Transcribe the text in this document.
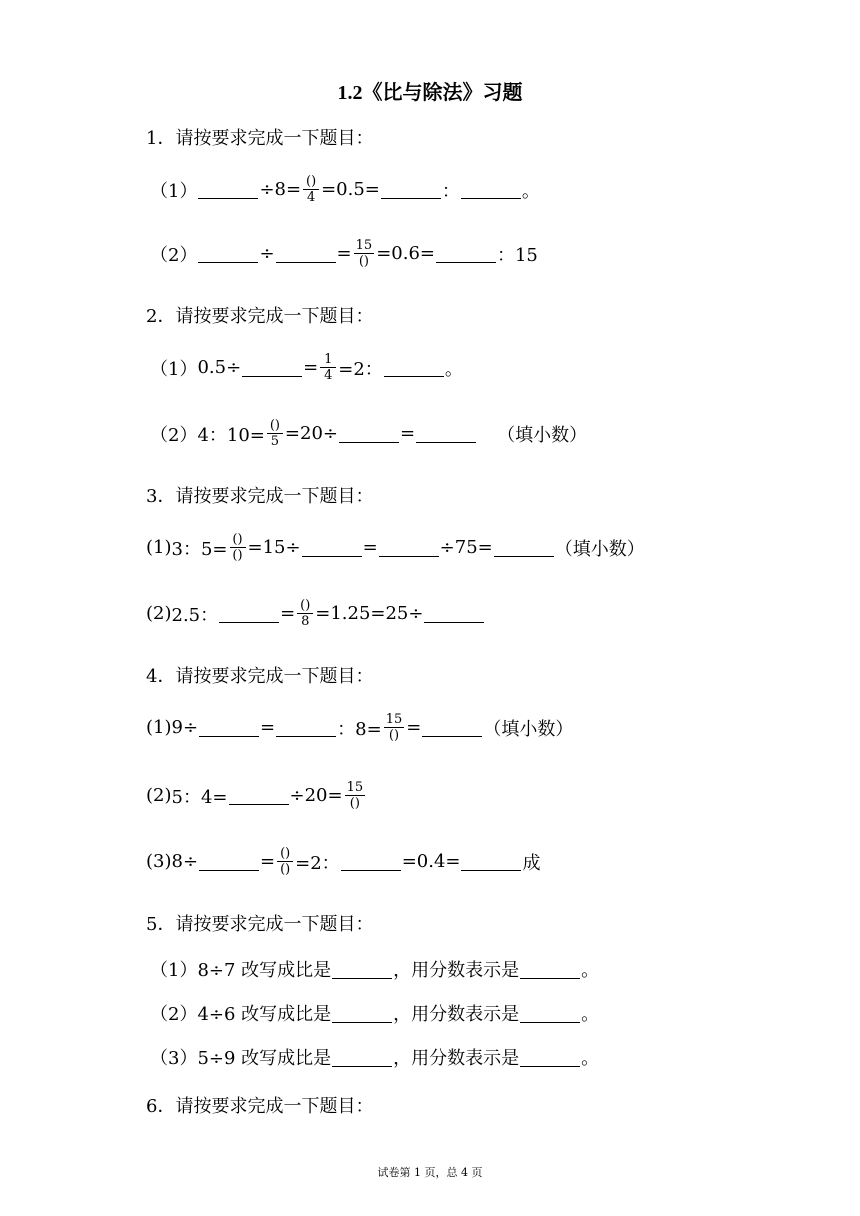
1.2《比与除法》习题
1．请按要求完成一下题目：
（1）	$\div 8= \frac{()}{4} =0.5=$	：	。
（2）	÷	= $\frac{15}{()} =0.6=$	：15
2．请按要求完成一下题目：
（1） 0.5÷	= $\frac{1}{4} =2$：	。
（2） 4：$10= \frac{()}{5} =20\div$	=	（填小数）
3．请按要求完成一下题目：
(1) 3：$5= \frac{()}{()} =15\div$	=	÷75=	（填小数）
(2) 2.5：	= $\frac{()}{8} =1.25=25\div$
4．请按要求完成一下题目：
(1) 9÷	=	：$8= \frac{15}{()}$ =	（填小数）
(2) 5：4=	$\div 20= \frac{15}{()}$
(3) 8÷	= $\frac{()}{()} =2$：	=0.4=	成
5．请按要求完成一下题目：
（1） 8÷7 改写成比是	，用分数表示是	。
（2） 4÷6 改写成比是	，用分数表示是	。
（3） 5÷9 改写成比是	，用分数表示是	。
6．请按要求完成一下题目：
试卷第 1 页，总 4 页
